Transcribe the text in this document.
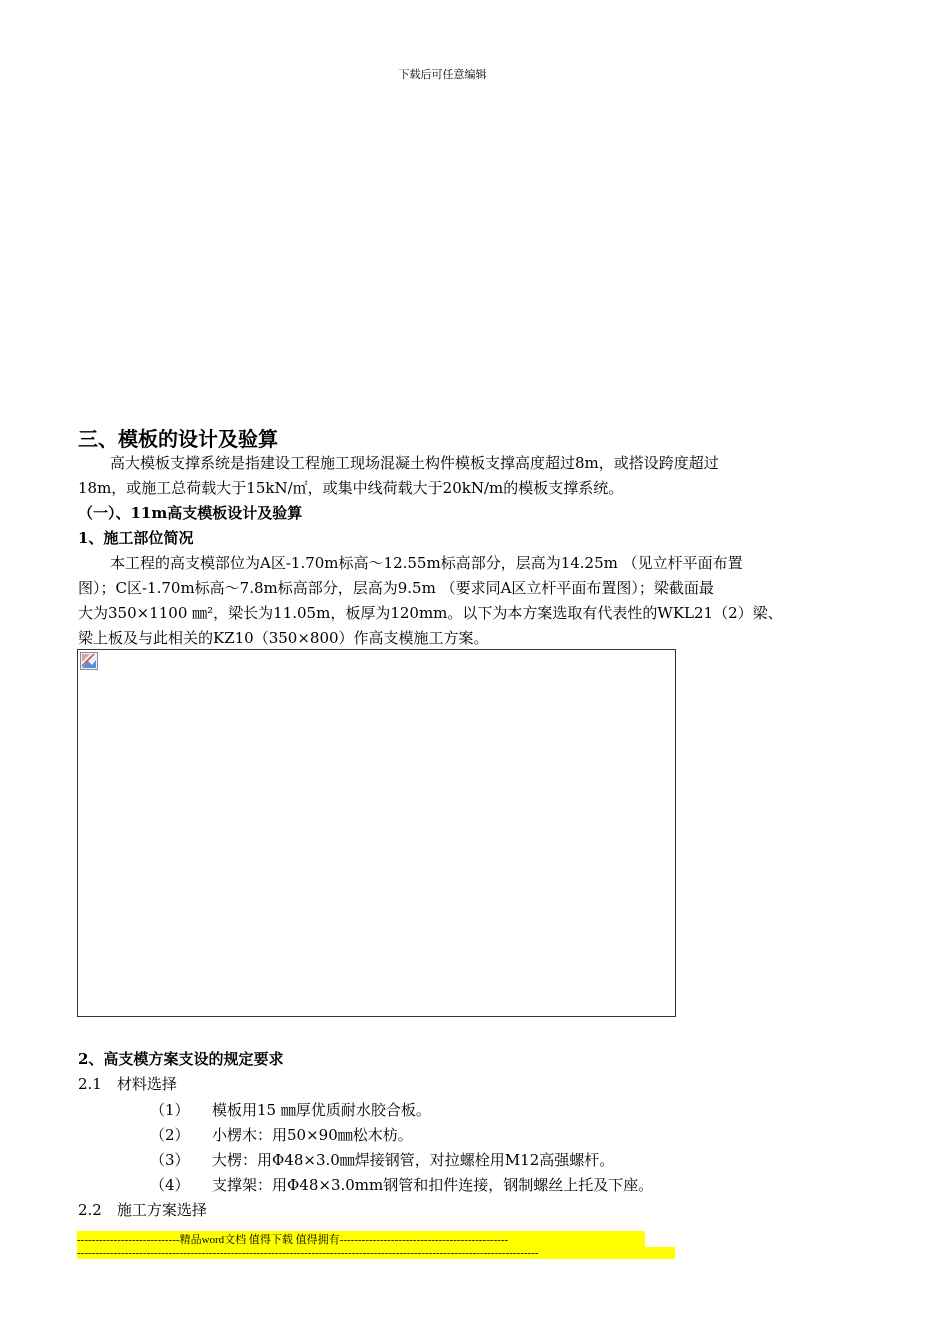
下载后可任意编辑
三、模板的设计及验算
高大模板支撑系统是指建设工程施工现场混凝土构件模板支撑高度超过8m，或搭设跨度超过
18m，或施工总荷载大于15kN/㎡，或集中线荷载大于20kN/m的模板支撑系统。
（一）、11m高支模板设计及验算
1、施工部位简况
本工程的高支模部位为A区-1.70m标高～12.55m标高部分，层高为14.25m （见立杆平面布置
图）；C区-1.70m标高～7.8m标高部分，层高为9.5m （要求同A区立杆平面布置图）；梁截面最
大为350×1100 ㎜²，梁长为11.05m，板厚为120mm。以下为本方案选取有代表性的WKL21（2）梁、
梁上板及与此相关的KZ10（350×800）作高支模施工方案。
2、高支模方案支设的规定要求
2.1　材料选择
（1） 模板用15 ㎜厚优质耐水胶合板。
（2） 小楞木：用50×90㎜松木枋。
（3） 大楞：用Φ48×3.0㎜焊接钢管，对拉螺栓用M12高强螺杆。
（4） 支撑架：用Φ48×3.0mm钢管和扣件连接，钢制螺丝上托及下座。
2.2　施工方案选择
----------------------------精品word文档 值得下载 值得拥有----------------------------------------------
------------------------------------------------------------------------------------------------------------------------------
